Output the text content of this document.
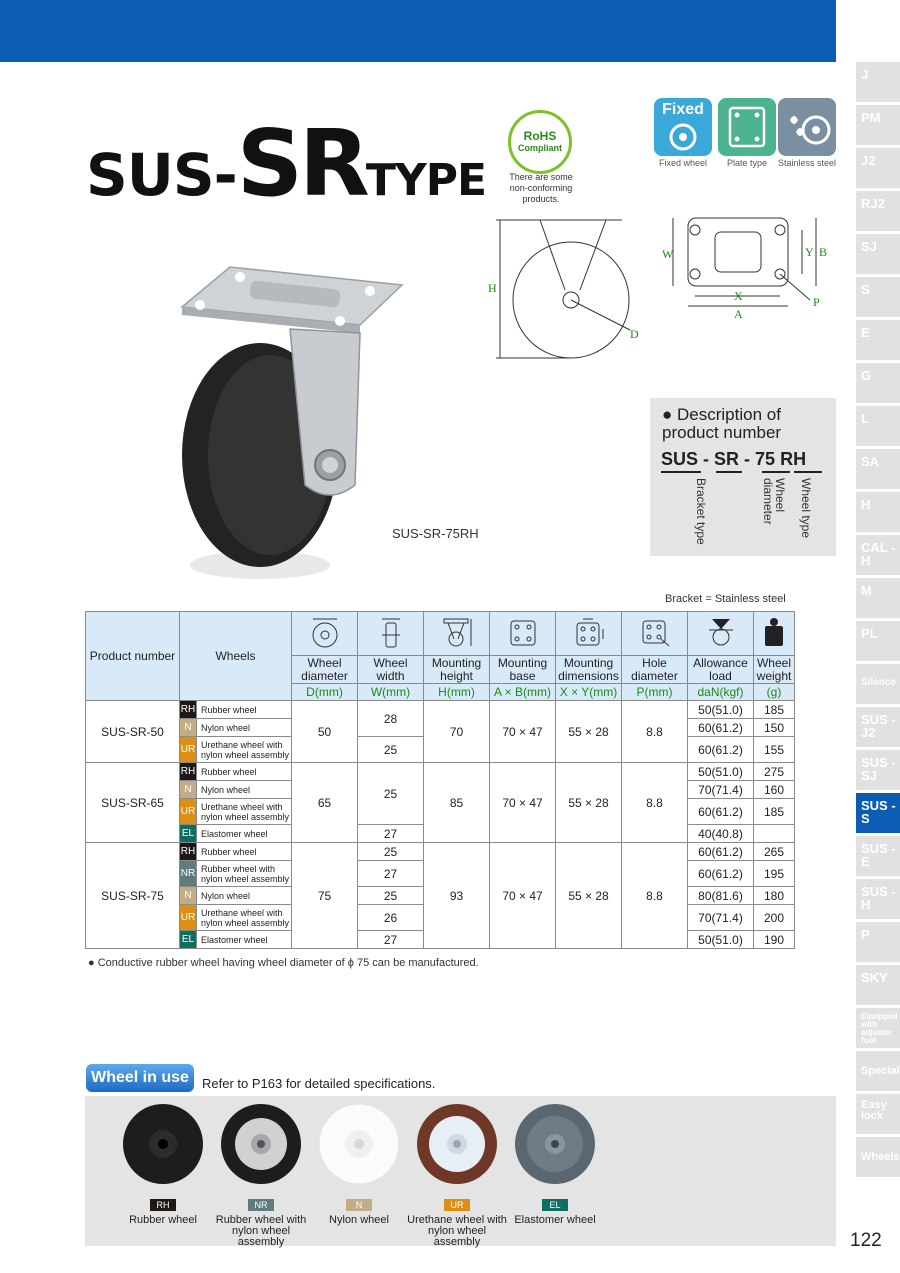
J
PM
J2
RJ2
SJ
S
E
G
L
SA
H
CAL -H
M
PL
Silence
SUS -J2
SUS -SJ
SUS -S
SUS -E
SUS -H
P
SKY
Equipped with adjuster foot
Special
Easy lock
Wheels
122
SUS-SRTYPE
RoHS
Compliant
There are some non-conforming products.
Fixed
Fixed wheel	Plate type	Stainless steel
SUS-SR-75RH
H
D
W	Y B
X
A
P
● Description of product number
SUS - SR - 75 RH
Bracket type	Wheel diameter	Wheel type
Bracket = Stainless steel
Product number	Wheels								
			Wheel diameter	Wheel width	Mounting height	Mounting base	Mounting dimensions	Hole diameter	Allowance load	Wheel weight
			D(mm)	W(mm)	H(mm)	A × B(mm)	X × Y(mm)	P(mm)	daN(kgf)	(g)
SUS-SR-50	RH	Rubber wheel	50	28	70	70 × 47	55 × 28	8.8	50(51.0)	185
	N	Nylon wheel							60(61.2)	150
	UR	Urethane wheel with nylon wheel assembly		25					60(61.2)	155
SUS-SR-65	RH	Rubber wheel	65	25	85	70 × 47	55 × 28	8.8	50(51.0)	275
	N	Nylon wheel							70(71.4)	160
	UR	Urethane wheel with nylon wheel assembly							60(61.2)	185
	EL	Elastomer wheel		27					40(40.8)	
SUS-SR-75	RH	Rubber wheel	75	25	93	70 × 47	55 × 28	8.8	60(61.2)	265
	NR	Rubber wheel with nylon wheel assembly		27					60(61.2)	195
	N	Nylon wheel		25					80(81.6)	180
	UR	Urethane wheel with nylon wheel assembly		26					70(71.4)	200
	EL	Elastomer wheel		27					50(51.0)	190
● Conductive rubber wheel having wheel diameter of ϕ 75 can be manufactured.
Wheel in use	Refer to P163 for detailed specifications.
RH
Rubber wheel
NR
Rubber wheel with nylon wheel assembly
N
Nylon wheel
UR
Urethane wheel with nylon wheel assembly
EL
Elastomer wheel
